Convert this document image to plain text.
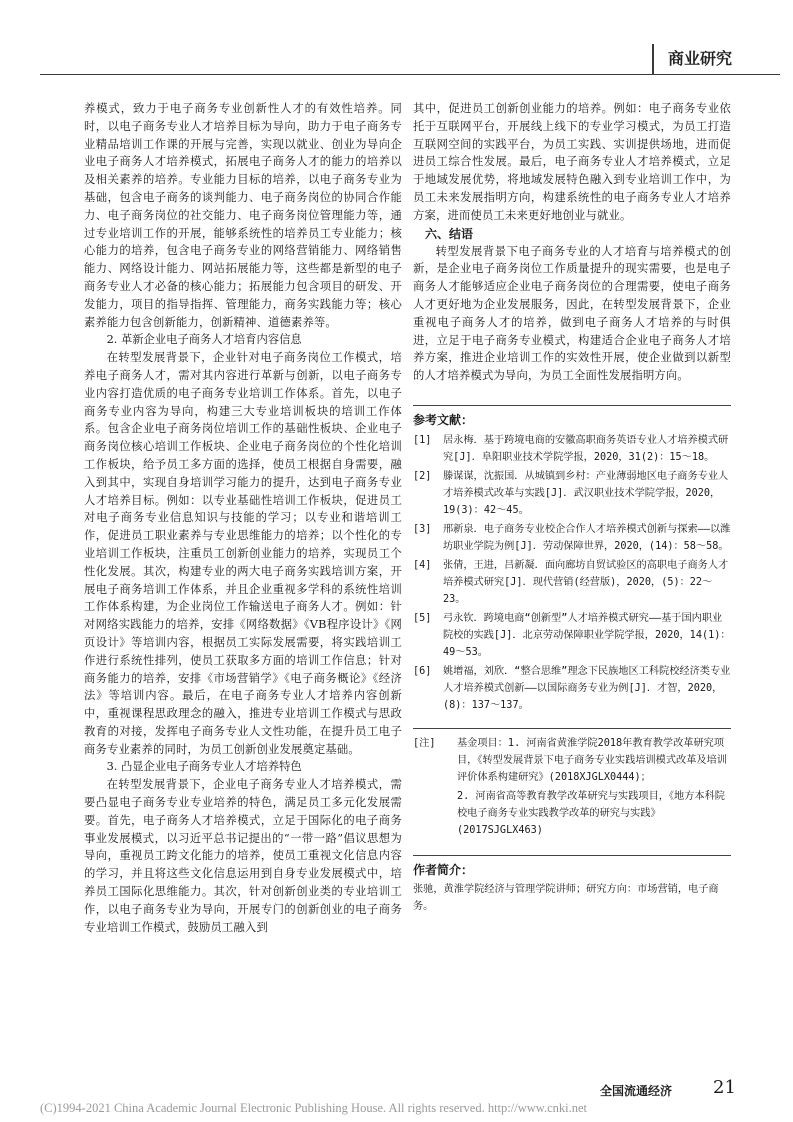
商业研究

养模式，致力于电子商务专业创新性人才的有效性培养。同时，以电子商务专业人才培养目标为导向，助力于电子商务专业精品培训工作课的开展与完善，实现以就业、创业为导向企业电子商务人才培养模式，拓展电子商务人才的能力的培养以及相关素养的培养。专业能力目标的培养，以电子商务专业为基础，包含电子商务的谈判能力、电子商务岗位的协同合作能力、电子商务岗位的社交能力、电子商务岗位管理能力等，通过专业培训工作的开展，能够系统性的培养员工专业能力；核心能力的培养，包含电子商务专业的网络营销能力、网络销售能力、网络设计能力、网站拓展能力等，这些都是新型的电子商务专业人才必备的核心能力；拓展能力包含项目的研发、开发能力，项目的指导指挥、管理能力，商务实践能力等；核心素养能力包含创新能力，创新精神、道德素养等。

2. 革新企业电子商务人才培育内容信息

在转型发展背景下，企业针对电子商务岗位工作模式，培养电子商务人才，需对其内容进行革新与创新，以电子商务专业内容打造优质的电子商务专业培训工作体系。首先，以电子商务专业内容为导向，构建三大专业培训板块的培训工作体系。包含企业电子商务岗位培训工作的基础性板块、企业电子商务岗位核心培训工作板块、企业电子商务岗位的个性化培训工作板块，给予员工多方面的选择，使员工根据自身需要，融入到其中，实现自身培训学习能力的提升，达到电子商务专业人才培养目标。例如：以专业基础性培训工作板块，促进员工对电子商务专业信息知识与技能的学习；以专业和谐培训工作，促进员工职业素养与专业思维能力的培养；以个性化的专业培训工作板块，注重员工创新创业能力的培养，实现员工个性化发展。其次，构建专业的两大电子商务实践培训方案，开展电子商务培训工作体系，并且企业重视多学科的系统性培训工作体系构建，为企业岗位工作输送电子商务人才。例如：针对网络实践能力的培养，安排《网络数据》《VB程序设计》《网页设计》等培训内容，根据员工实际发展需要，将实践培训工作进行系统性排列，使员工获取多方面的培训工作信息；针对商务能力的培养，安排《市场营销学》《电子商务概论》《经济法》等培训内容。最后，在电子商务专业人才培养内容创新中，重视课程思政理念的融入，推进专业培训工作模式与思政教育的对接，发挥电子商务专业人文性功能，在提升员工电子商务专业素养的同时，为员工创新创业发展奠定基础。

3. 凸显企业电子商务专业人才培养特色

在转型发展背景下，企业电子商务专业人才培养模式，需要凸显电子商务专业专业培养的特色，满足员工多元化发展需要。首先，电子商务人才培养模式，立足于国际化的电子商务事业发展模式，以习近平总书记提出的“一带一路”倡议思想为导向，重视员工跨文化能力的培养，使员工重视文化信息内容的学习，并且将这些文化信息运用到自身专业发展模式中，培养员工国际化思维能力。其次，针对创新创业类的专业培训工作，以电子商务专业为导向，开展专门的创新创业的电子商务专业培训工作模式，鼓励员工融入到

其中，促进员工创新创业能力的培养。例如：电子商务专业依托于互联网平台，开展线上线下的专业学习模式，为员工打造互联网空间的实践平台，为员工实践、实训提供场地，进而促进员工综合性发展。最后，电子商务专业人才培养模式，立足于地域发展优势，将地域发展特色融入到专业培训工作中，为员工未来发展指明方向，构建系统性的电子商务专业人才培养方案，进而使员工未来更好地创业与就业。

六、结语

转型发展背景下电子商务专业的人才培育与培养模式的创新，是企业电子商务岗位工作质量提升的现实需要，也是电子商务人才能够适应企业电子商务岗位的合理需要，使电子商务人才更好地为企业发展服务，因此，在转型发展背景下，企业重视电子商务人才的培养，做到电子商务人才培养的与时俱进，立足于电子商务专业模式，构建适合企业电子商务人才培养方案，推进企业培训工作的实效性开展，使企业做到以新型的人才培养模式为导向，为员工全面性发展指明方向。

参考文献：
[1]	居永梅．基于跨境电商的安徽高职商务英语专业人才培养模式研究[J]．阜阳职业技术学院学报，2020，31(2)：15～18。
[2]	滕谋谋，沈振国．从城镇到乡村：产业薄弱地区电子商务专业人才培养模式改革与实践[J]．武汉职业技术学院学报，2020，19(3)：42～45。
[3]	邢新泉．电子商务专业校企合作人才培养模式创新与探索——以潍坊职业学院为例[J]．劳动保障世界，2020，(14)：58～58。
[4]	张倩，王进，吕新凝．面向廊坊自贸试验区的高职电子商务人才培养模式研究[J]．现代营销(经营版)，2020，(5)：22～23。
[5]	弓永钦．跨境电商“创新型”人才培养模式研究——基于国内职业院校的实践[J]．北京劳动保障职业学院学报，2020，14(1)：49～53。
[6]	姚增福，刘欣．“整合思维”理念下民族地区工科院校经济类专业人才培养模式创新——以国际商务专业为例[J]．才智，2020，(8)：137～137。
[注]	基金项目：1. 河南省黄淮学院2018年教育教学改革研究项目，《转型发展背景下电子商务专业实践培训模式改革及培训评价体系构建研究》(2018XJGLX0444)；

2. 河南省高等教育教学改革研究与实践项目，《地方本科院校电子商务专业实践教学改革的研究与实践》(2017SJGLX463)

作者简介：
张驰，黄淮学院经济与管理学院讲师；研究方向：市场营销，电子商务。
全国流通经济 21
(C)1994-2021 China Academic Journal Electronic Publishing House. All rights reserved. http://www.cnki.net
